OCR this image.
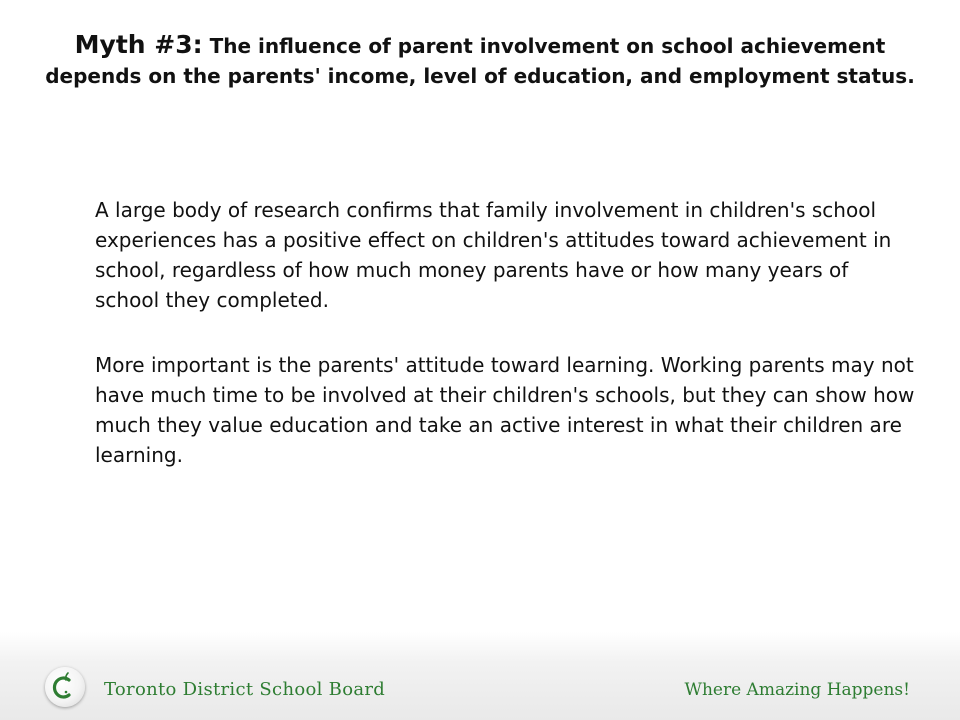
Myth #3: The influence of parent involvement on school achievement depends on the parents' income, level of education, and employment status.

A large body of research confirms that family involvement in children's school experiences has a positive effect on children's attitudes toward achievement in school, regardless of how much money parents have or how many years of school they completed.

More important is the parents' attitude toward learning. Working parents may not have much time to be involved at their children's schools, but they can show how much they value education and take an active interest in what their children are learning.

Toronto District School Board	Where Amazing Happens!
